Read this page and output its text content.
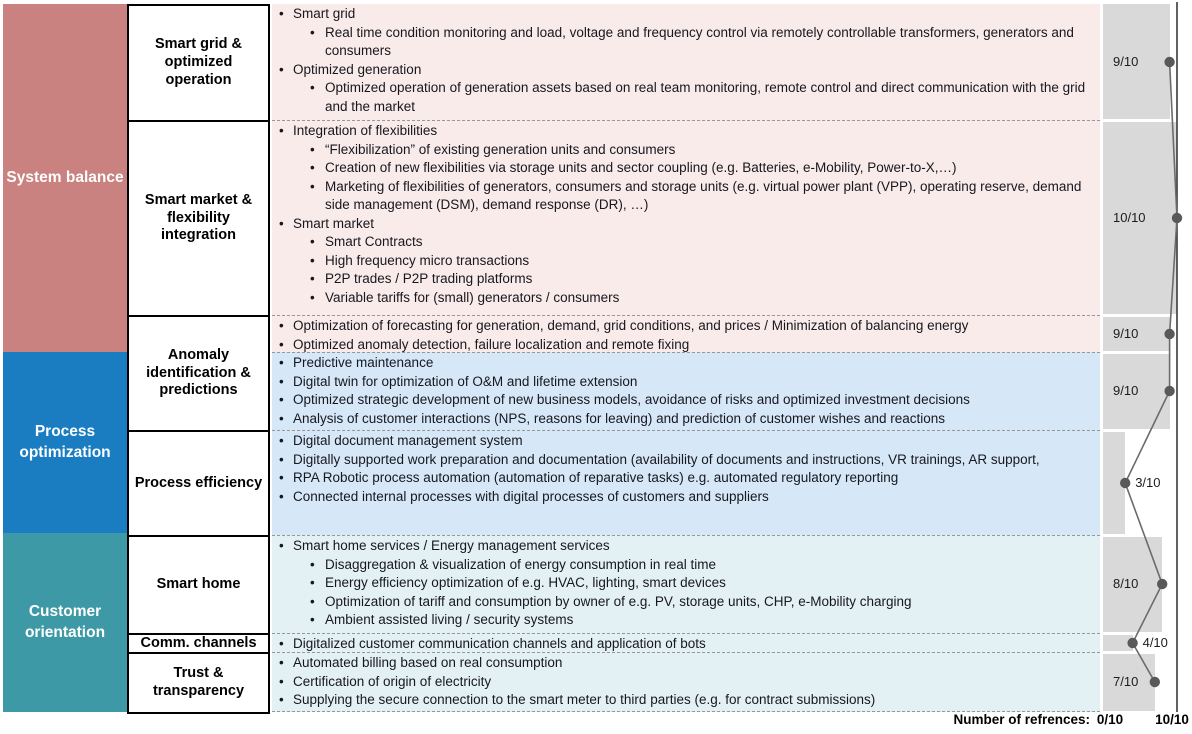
System balance
Process optimization
Customer orientation
Smart grid & optimized operation
Smart market & flexibility integration
Anomaly identification & predictions
Process efficiency
Smart home
Comm. channels
Trust & transparency
• Smart grid
• Real time condition monitoring and load, voltage and frequency control via remotely controllable transformers, generators and consumers
• Optimized generation
• Optimized operation of generation assets based on real team monitoring, remote control and direct communication with the grid and the market
• Integration of flexibilities
• “Flexibilization” of existing generation units and consumers
• Creation of new flexibilities via storage units and sector coupling (e.g. Batteries, e-Mobility, Power-to-X,…)
• Marketing of flexibilities of generators, consumers and storage units (e.g. virtual power plant (VPP), operating reserve, demand side management (DSM), demand response (DR), …)
• Smart market
• Smart Contracts
• High frequency micro transactions
• P2P trades / P2P trading platforms
• Variable tariffs for (small) generators / consumers
• Optimization of forecasting for generation, demand, grid conditions, and prices / Minimization of balancing energy
• Optimized anomaly detection, failure localization and remote fixing
• Predictive maintenance
• Digital twin for optimization of O&M and lifetime extension
• Optimized strategic development of new business models, avoidance of risks and optimized investment decisions
• Analysis of customer interactions (NPS, reasons for leaving) and prediction of customer wishes and reactions
• Digital document management system
• Digitally supported work preparation and documentation (availability of documents and instructions, VR trainings, AR support,
• RPA Robotic process automation (automation of reparative tasks) e.g. automated regulatory reporting
• Connected internal processes with digital processes of customers and suppliers
• Smart home services / Energy management services
• Disaggregation & visualization of energy consumption in real time
• Energy efficiency optimization of e.g. HVAC, lighting, smart devices
• Optimization of tariff and consumption by owner of e.g. PV, storage units, CHP, e-Mobility charging
• Ambient assisted living / security systems
• Digitalized customer communication channels and application of bots
• Automated billing based on real consumption
• Certification of origin of electricity
• Supplying the secure connection to the smart meter to third parties (e.g. for contract submissions)
9/10
10/10
9/10
9/10
3/10
8/10
4/10
7/10
Number of refrences: 0/10	10/10
